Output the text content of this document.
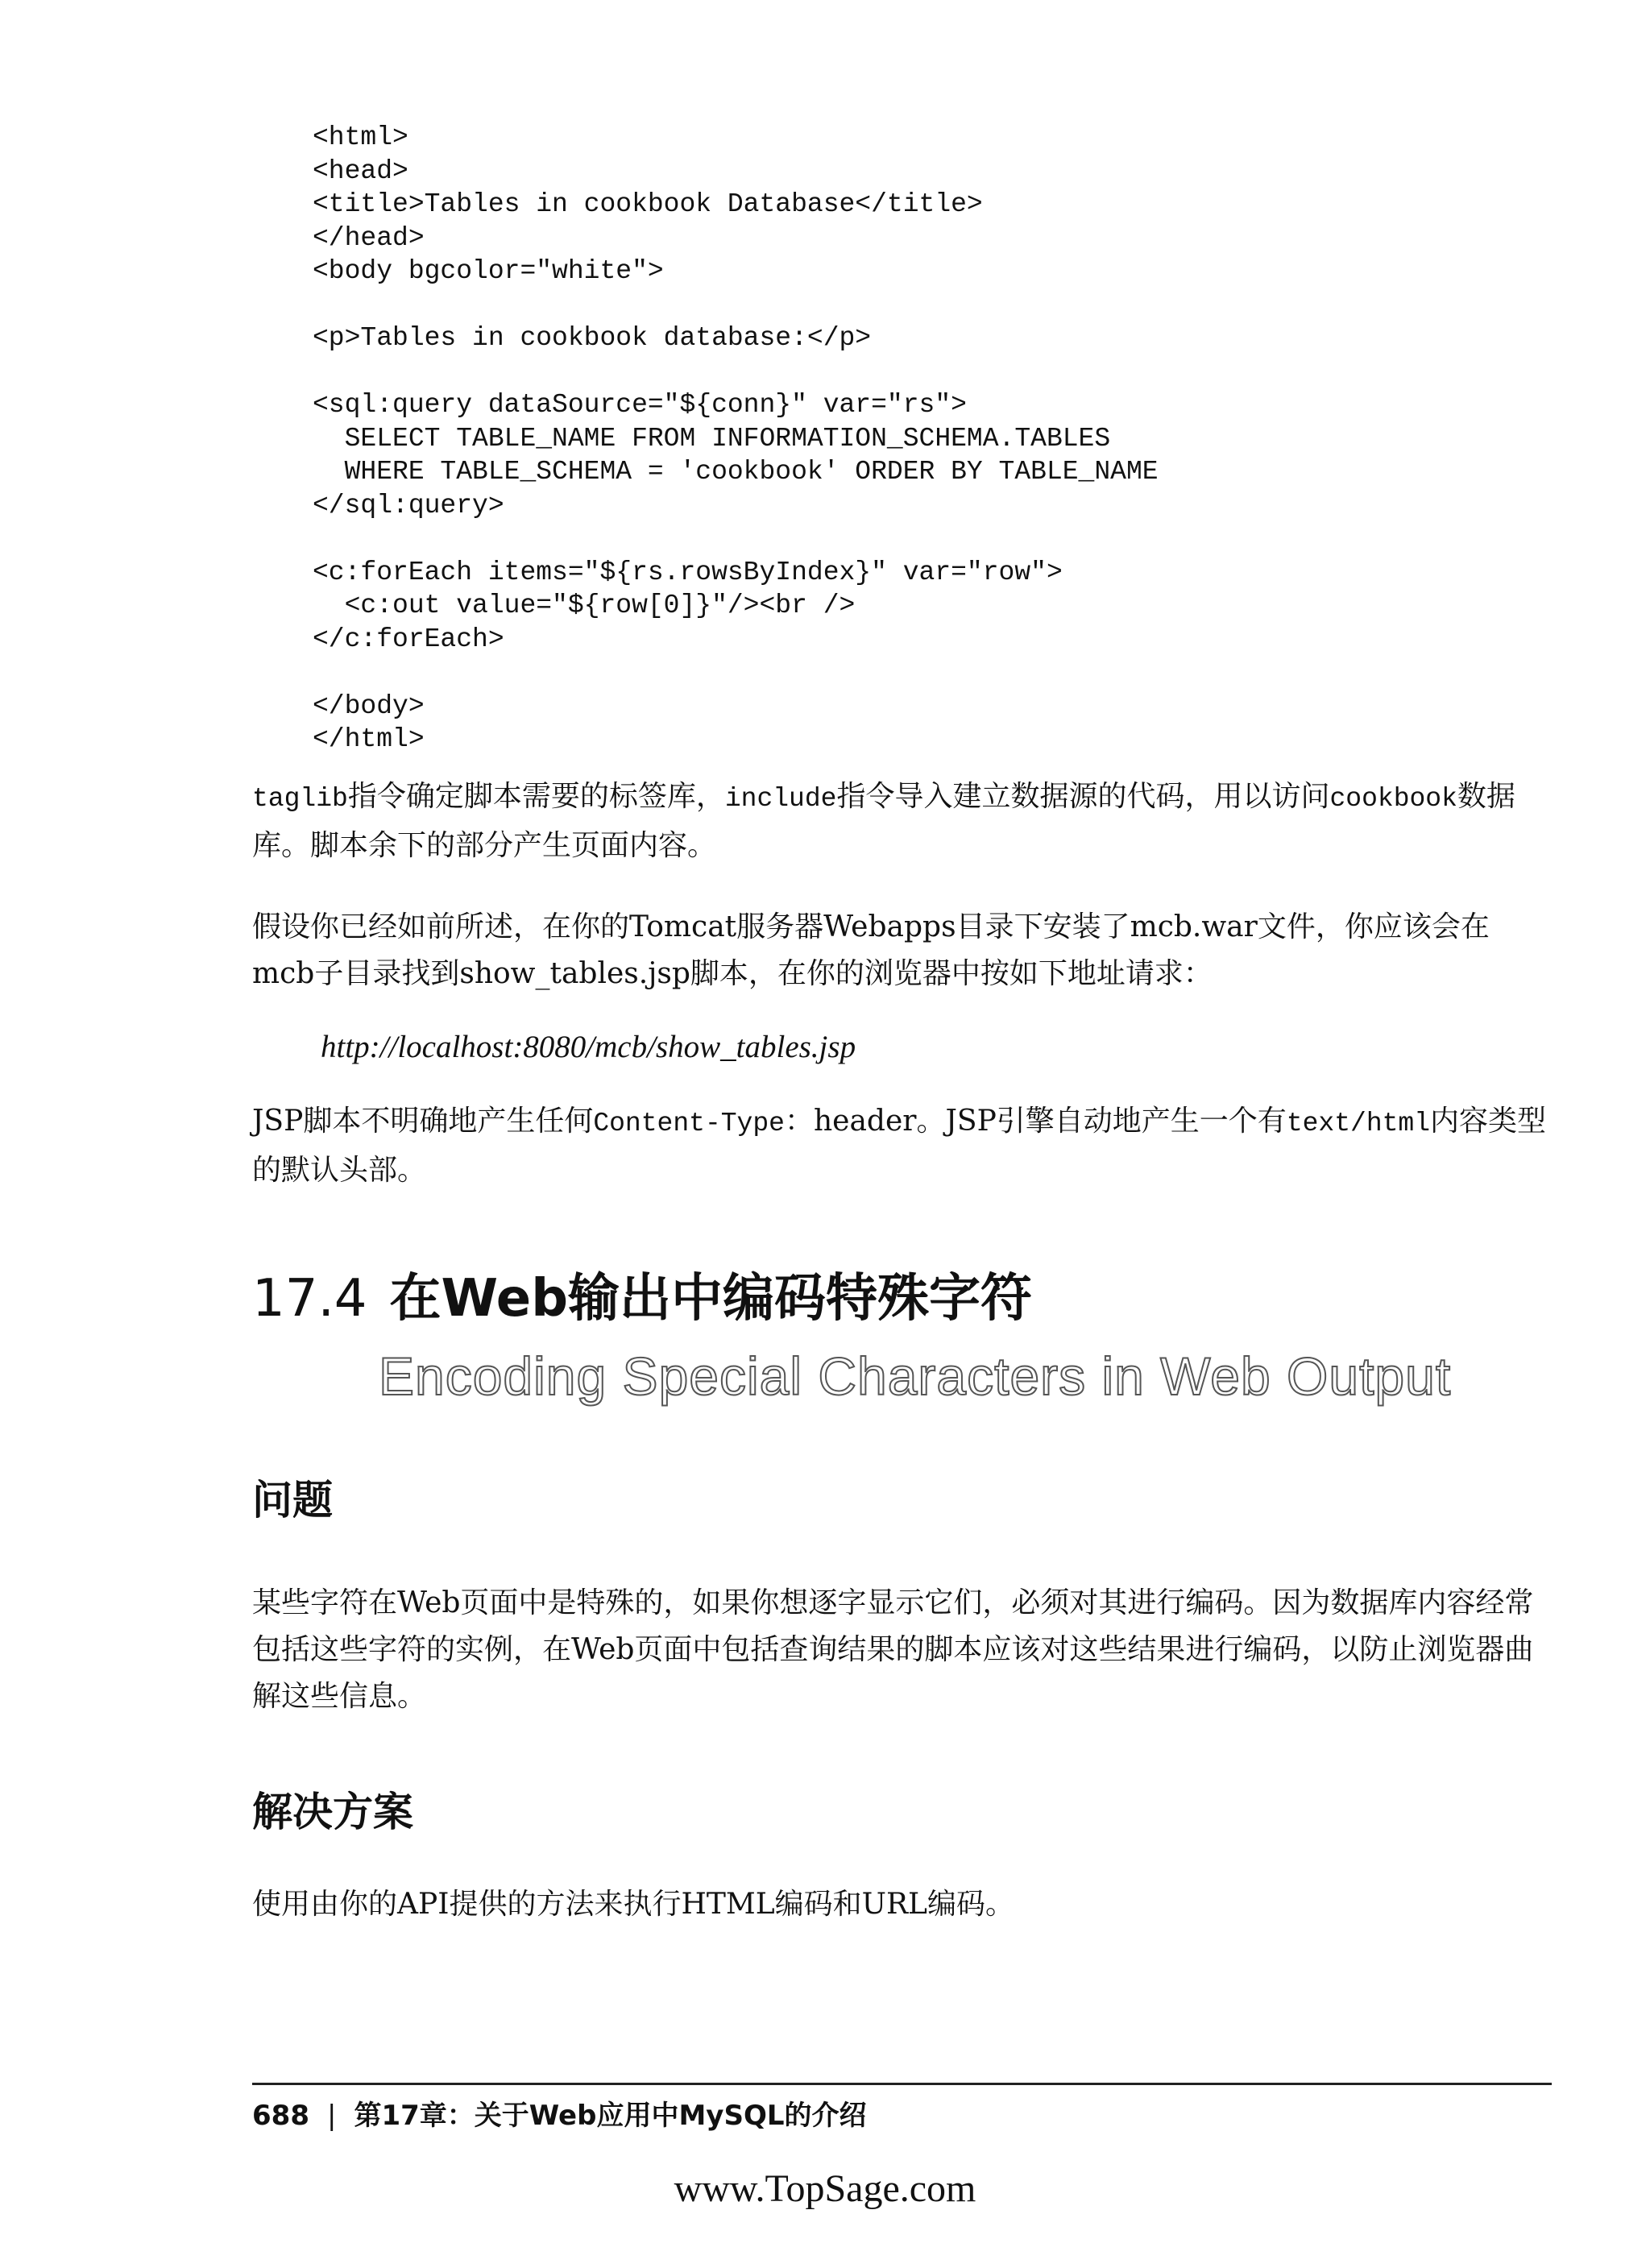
<html>
<head>
<title>Tables in cookbook Database</title>
</head>
<body bgcolor="white">

<p>Tables in cookbook database:</p>

<sql:query dataSource="${conn}" var="rs">
SELECT TABLE_NAME FROM INFORMATION_SCHEMA.TABLES
WHERE TABLE_SCHEMA = 'cookbook' ORDER BY TABLE_NAME
</sql:query>

<c:forEach items="${rs.rowsByIndex}" var="row">
<c:out value="${row[0]}"/><br />
</c:forEach>

</body>
</html>

taglib指令确定脚本需要的标签库，include指令导入建立数据源的代码，用以访问cookbook数据库。脚本余下的部分产生页面内容。

假设你已经如前所述，在你的Tomcat服务器Webapps目录下安装了mcb.war文件，你应该会在mcb子目录找到show_tables.jsp脚本，在你的浏览器中按如下地址请求：

http://localhost:8080/mcb/show_tables.jsp

JSP脚本不明确地产生任何Content-Type：header。JSP引擎自动地产生一个有text/html内容类型的默认头部。

17.4 在Web输出中编码特殊字符
Encoding Special Characters in Web Output
问题

某些字符在Web页面中是特殊的，如果你想逐字显示它们，必须对其进行编码。因为数据库内容经常包括这些字符的实例，在Web页面中包括查询结果的脚本应该对这些结果进行编码，以防止浏览器曲解这些信息。

解决方案

使用由你的API提供的方法来执行HTML编码和URL编码。

688 | 第17章：关于Web应用中MySQL的介绍

www.TopSage.com
